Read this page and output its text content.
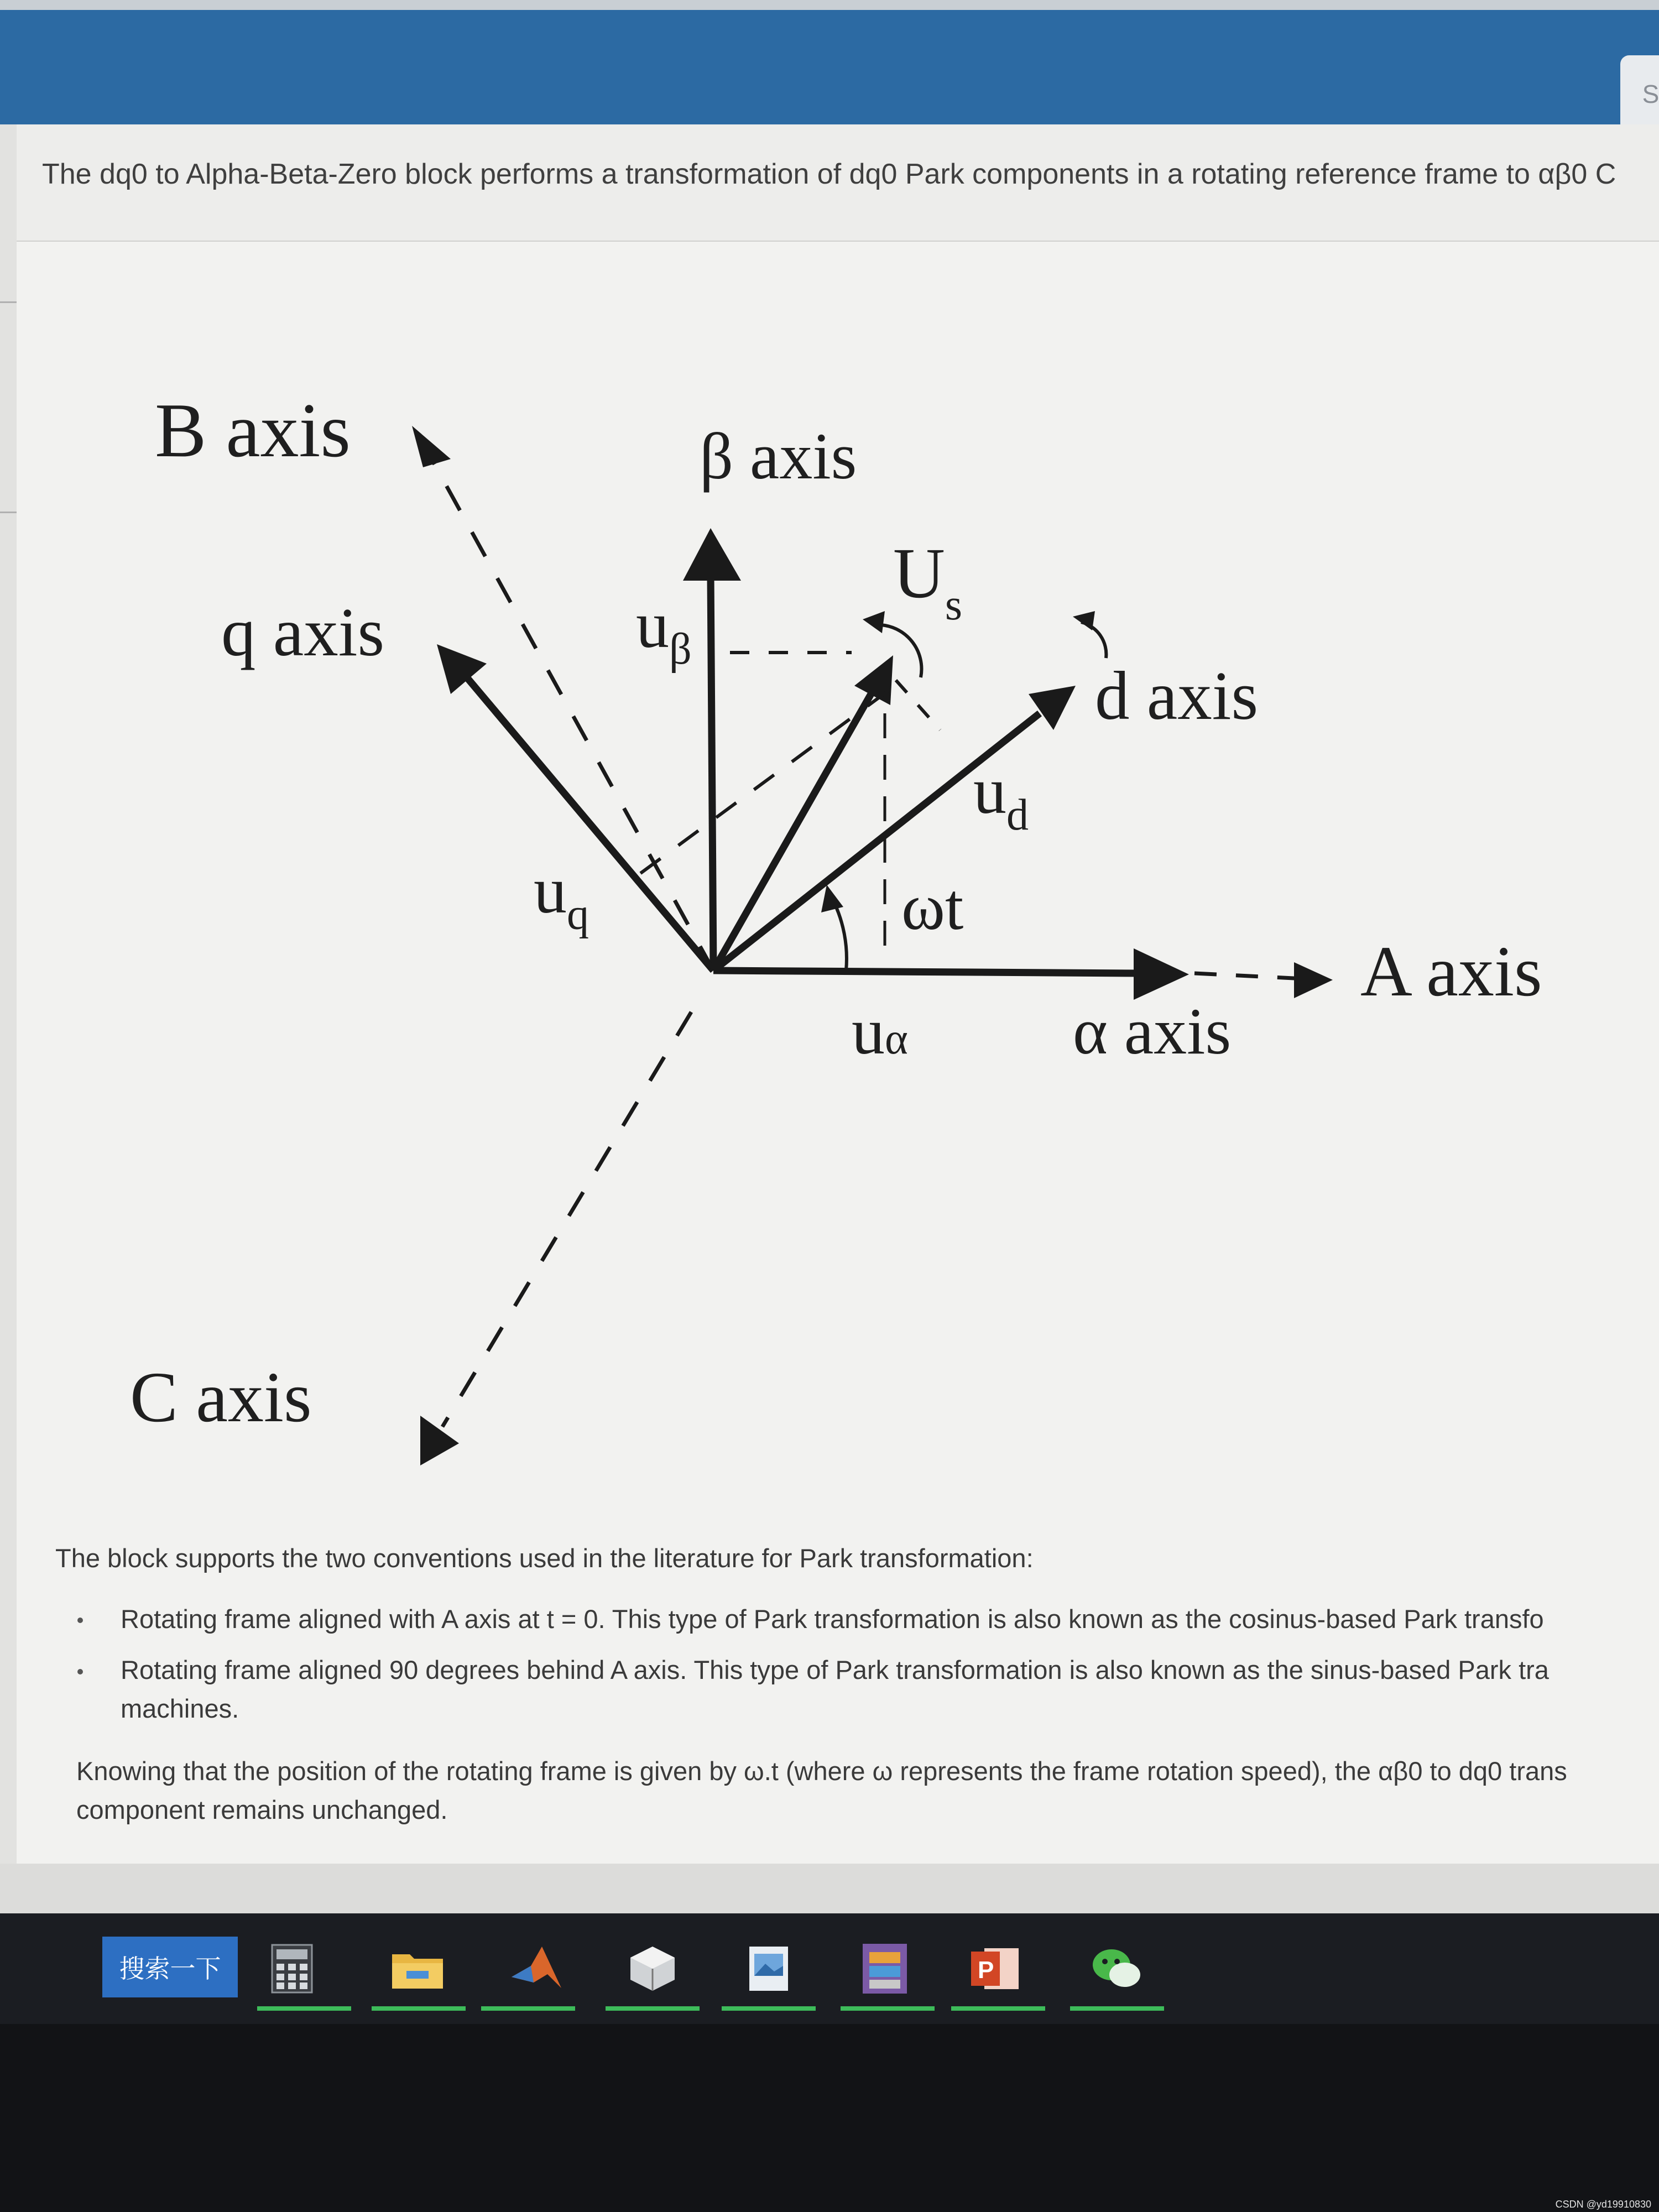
S
The dq0 to Alpha-Beta-Zero block performs a transformation of dq0 Park components in a rotating reference frame to αβ0 C
B axis	β axis
q axis	$u_\beta$
$U_s$
d axis
$u_d$
$u_q$	ωt
A axis
uα α axis
C axis
The block supports the two conventions used in the literature for Park transformation:
Rotating frame aligned with A axis at t = 0. This type of Park transformation is also known as the cosinus-based Park transfo
Rotating frame aligned 90 degrees behind A axis. This type of Park transformation is also known as the sinus-based Park tra
machines.
Knowing that the position of the rotating frame is given by ω.t (where ω represents the frame rotation speed), the αβ0 to dq0 trans
component remains unchanged.
搜索一下	P
CSDN @yd19910830
